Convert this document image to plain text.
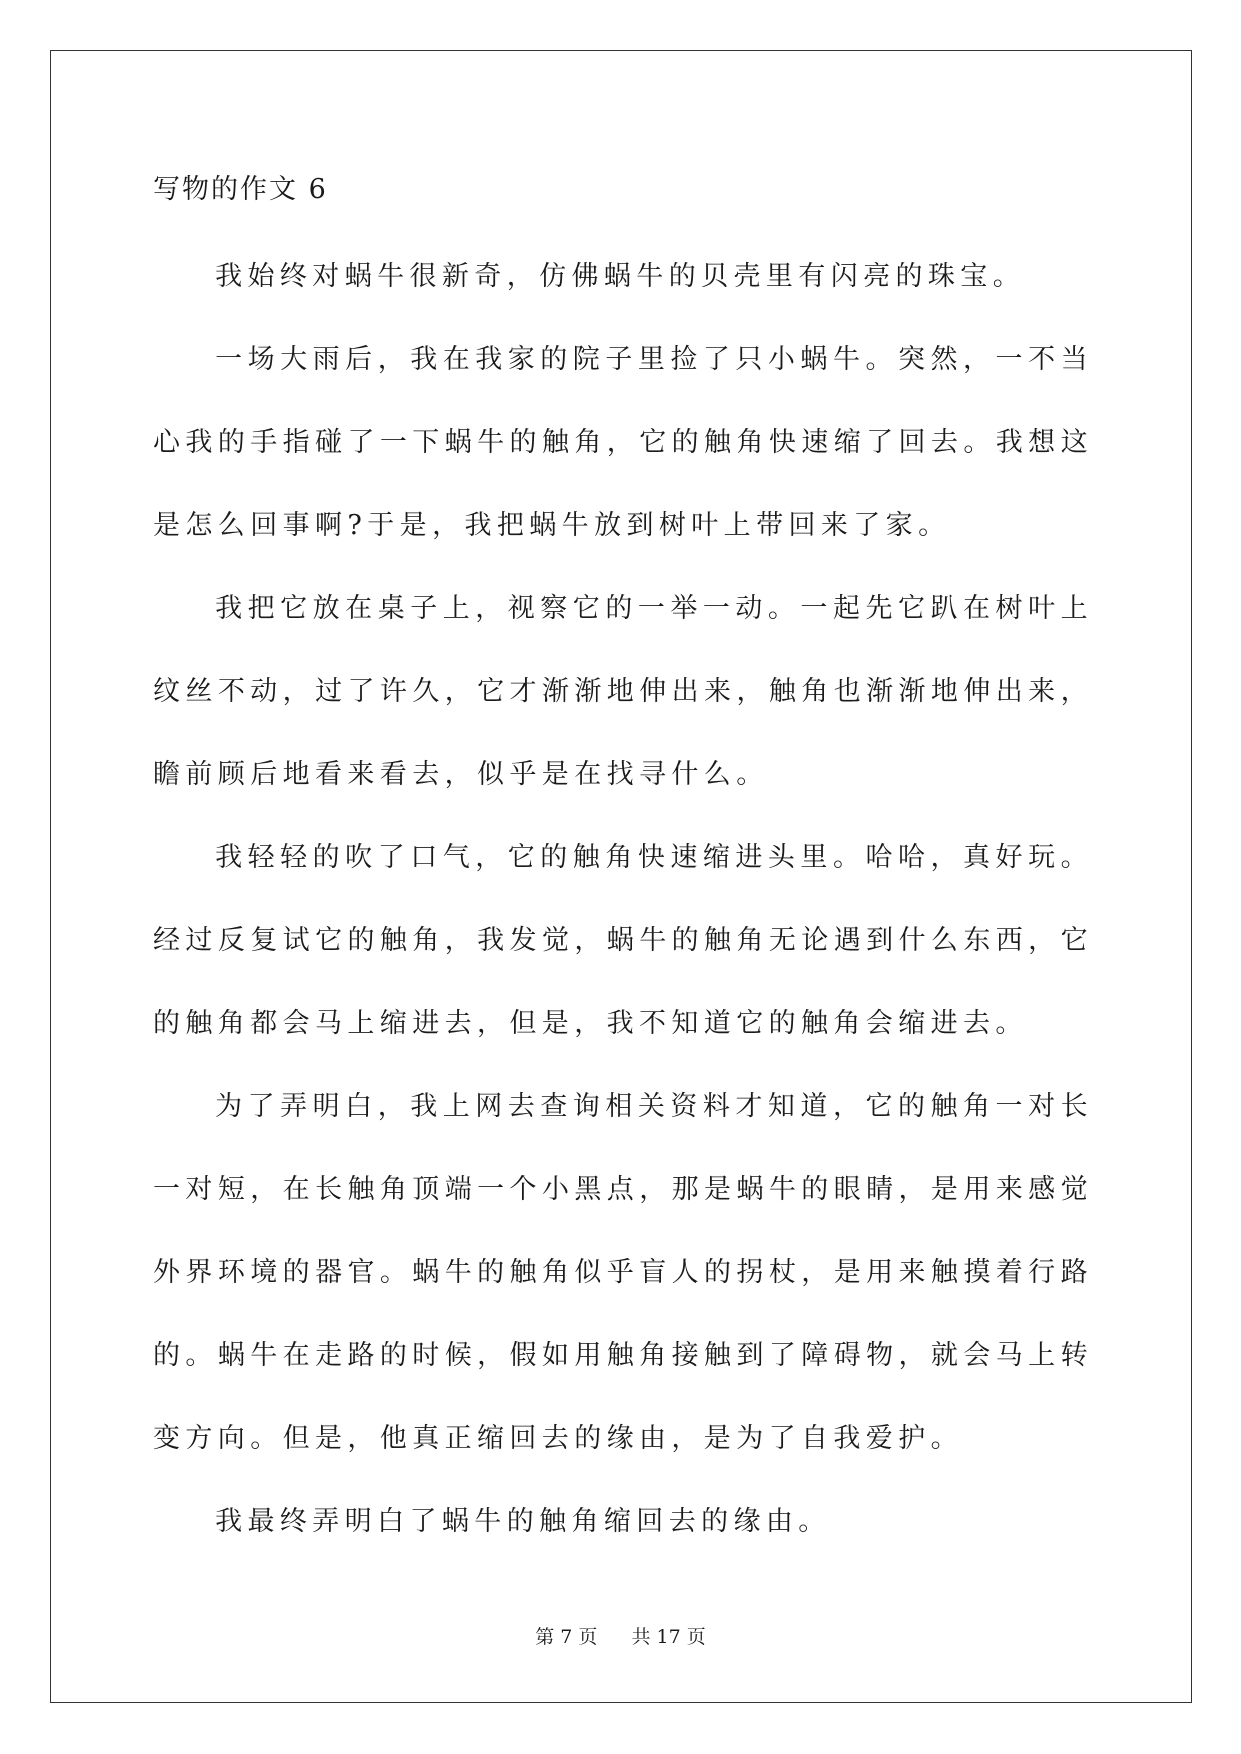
写物的作文 6

我始终对蜗牛很新奇，仿佛蜗牛的贝壳里有闪亮的珠宝。

一场大雨后，我在我家的院子里捡了只小蜗牛。突然，一不当心我的手指碰了一下蜗牛的触角，它的触角快速缩了回去。我想这是怎么回事啊?于是，我把蜗牛放到树叶上带回来了家。

我把它放在桌子上，视察它的一举一动。一起先它趴在树叶上纹丝不动，过了许久，它才渐渐地伸出来，触角也渐渐地伸出来，瞻前顾后地看来看去，似乎是在找寻什么。

我轻轻的吹了口气，它的触角快速缩进头里。哈哈，真好玩。经过反复试它的触角，我发觉，蜗牛的触角无论遇到什么东西，它的触角都会马上缩进去，但是，我不知道它的触角会缩进去。

为了弄明白，我上网去查询相关资料才知道，它的触角一对长一对短，在长触角顶端一个小黑点，那是蜗牛的眼睛，是用来感觉外界环境的器官。蜗牛的触角似乎盲人的拐杖，是用来触摸着行路的。蜗牛在走路的时候，假如用触角接触到了障碍物，就会马上转变方向。但是，他真正缩回去的缘由，是为了自我爱护。

我最终弄明白了蜗牛的触角缩回去的缘由。

第 7 页 共 17 页
